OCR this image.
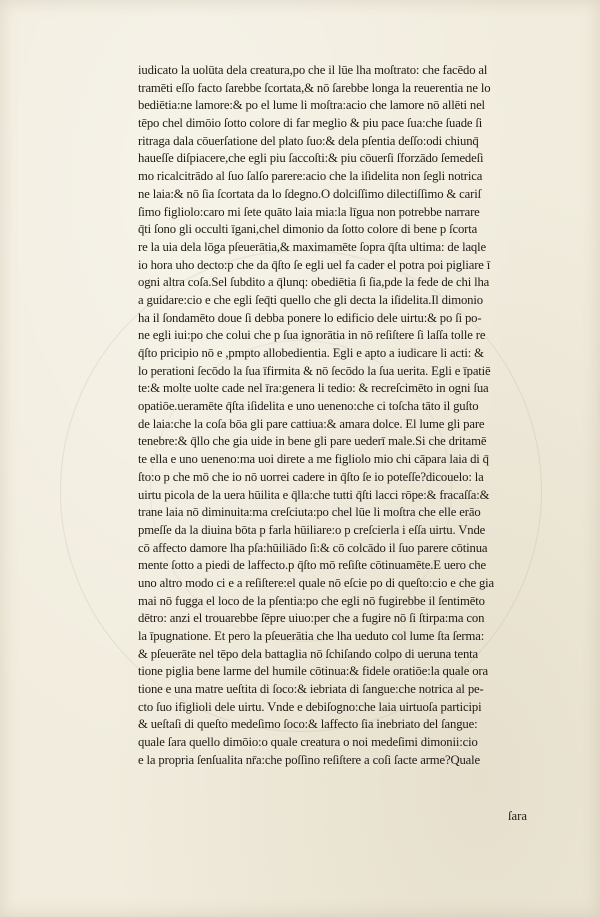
iudicato la uolūta dela creatura,po che il lūe lha moſtrato: che facēdo al
tramēti eſſo facto ſarebbe ſcortata,& nō ſarebbe longa la reuerentia ne lo
bediētia:ne lamore:& po el lume li moſtra:acio che lamore nō allēti nel
tēpo chel dimōio ſotto colore di far meglio & piu pace ſua:che ſuade ſi
ritraga dala cōuerſatione del plato ſuo:& dela pſentia deſſo:odi chiunq̄
haueſſe diſpiacere,che egli piu ſaccoſti:& piu cōuerſi ſforzādo ſemedeſi
mo ricalcitrādo al ſuo ſalſo parere:acio che la iſidelita non ſegli notrica
ne laia:& nō ſia ſcortata da lo ſdegno.O dolciſſimo dilectiſſimo & cariſ
ſimo figliolo:caro mi ſete quāto laia mia:la līgua non potrebbe narrare
q̄ti ſono gli occulti īgani,chel dimonio da ſotto colore di bene p ſcorta
re la uia dela lōga pſeuerātia,& maximamēte ſopra q̄ſta ultima: de laqle
io hora uho decto:p che da q̄ſto ſe egli uel fa cader el potra poi pigliare ī
ogni altra coſa.Sel ſubdito a q̄lunq: obediētia ſi ſia,pde la fede de chi lha
a guidare:cio e che egli ſeq̄ti quello che gli decta la iſidelita.Il dimonio
ha il ſondamēto doue ſi debba ponere lo edificio dele uirtu:& po ſi po-
ne egli iui:po che colui che p ſua ignorātia in nō reſiſtere ſi laſſa tolle re
q̄ſto pricipio nō e ,pmpto allobedientia. Egli e apto a iudicare li acti: &
lo perationi ſecōdo la ſua īfirmita & nō ſecōdo la ſua uerita. Egli e īpatiē
te:& molte uolte cade nel īra:genera li tedio: & recreſcimēto in ogni ſua
opatiōe.ueramēte q̄ſta iſidelita e uno ueneno:che ci toſcha tāto il guſto
de laia:che la coſa bōa gli pare cattiua:& amara dolce. El lume gli pare
tenebre:& q̄llo che gia uide in bene gli pare uederī male.Si che dritamē
te ella e uno ueneno:ma uoi direte a me figliolo mio chi cāpara laia di q̄
ſto:o p che mō che io nō uorrei cadere in q̄ſto ſe io poteſſe?dicouelo: la
uirtu picola de la uera hūilita e q̄lla:che tutti q̄ſti lacci rōpe:& fracaſſa:&
trane laia nō diminuita:ma creſciuta:po chel lūe li moſtra che elle erāo
pmeſſe da la diuina bōta p farla hūiliare:o p creſcierla i eſſa uirtu. Vnde
cō affecto damore lha pſa:hūiliādo ſi:& cō colcādo il ſuo parere cōtinua
mente ſotto a piedi de laffecto.p q̄ſto mō reſiſte cōtinuamēte.E uero che
uno altro modo ci e a reſiſtere:el quale nō eſcie po di queſto:cio e che gia
mai nō fugga el loco de la pſentia:po che egli nō fugirebbe il ſentimēto
dētro: anzi el trouarebbe ſēpre uiuo:per che a fugire nō ſi ſtirpa:ma con
la īpugnatione. Et pero la pſeuerātia che lha ueduto col lume ſta ſerma:
& pſeuerāte nel tēpo dela battaglia nō ſchiſando colpo di ueruna tenta
tione piglia bene larme del humile cōtinua:& fidele oratiōe:la quale ora
tione e una matre ueſtita di ſoco:& iebriata di ſangue:che notrica al pe-
cto ſuo ifiglioli dele uirtu. Vnde e debiſogno:che laia uirtuoſa participi
& ueſtaſi di queſto medeſimo ſoco:& laffecto ſia inebriato del ſangue:
quale ſara quello dimōio:o quale creatura o noi medeſimi dimonii:cio
e la propria ſenſualita nr̄a:che poſſino reſiſtere a coſi ſacte arme?Quale
ſara
